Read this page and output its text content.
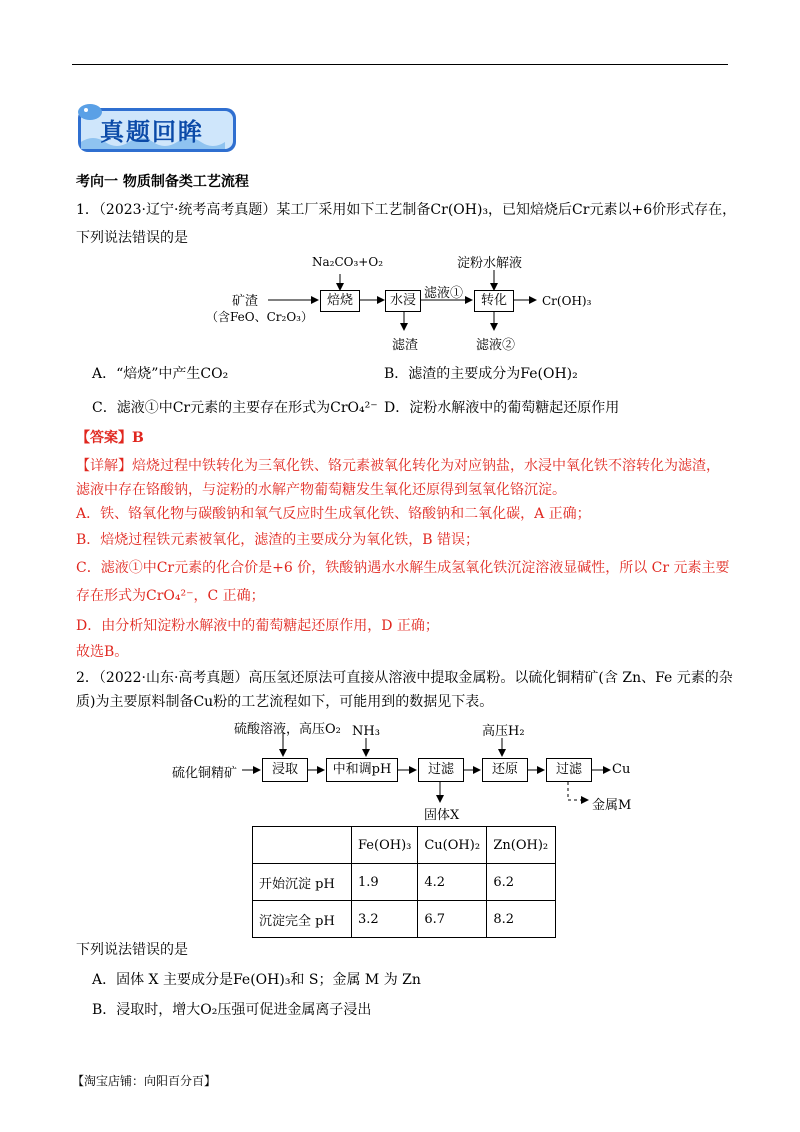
真题回眸
考向一 物质制备类工艺流程
1．（2023·辽宁·统考高考真题）某工厂采用如下工艺制备Cr(OH)₃，已知焙烧后Cr元素以+6价形式存在，
下列说法错误的是
焙烧	水浸	转化
Na₂CO₃+O₂	淀粉水解液
矿渣
（含FeO、Cr₂O₃）
滤液①	Cr(OH)₃
滤渣	滤液②
A．“焙烧”中产生CO₂	B．滤渣的主要成分为Fe(OH)₂
C．滤液①中Cr元素的主要存在形式为CrO₄²⁻ D．淀粉水解液中的葡萄糖起还原作用
【答案】B
【详解】焙烧过程中铁转化为三氧化铁、铬元素被氧化转化为对应钠盐，水浸中氧化铁不溶转化为滤渣，
滤液中存在铬酸钠，与淀粉的水解产物葡萄糖发生氧化还原得到氢氧化铬沉淀。
A．铁、铬氧化物与碳酸钠和氧气反应时生成氧化铁、铬酸钠和二氧化碳，A 正确；
B．焙烧过程铁元素被氧化，滤渣的主要成分为氧化铁，B 错误；
C．滤液①中Cr元素的化合价是+6 价，铁酸钠遇水水解生成氢氧化铁沉淀溶液显碱性，所以 Cr 元素主要
存在形式为CrO₄²⁻，C 正确；
D．由分析知淀粉水解液中的葡萄糖起还原作用，D 正确；
故选B。
2．（2022·山东·高考真题）高压氢还原法可直接从溶液中提取金属粉。以硫化铜精矿(含 Zn、Fe 元素的杂
质)为主要原料制备Cu粉的工艺流程如下，可能用到的数据见下表。
浸取	中和调pH	过滤	还原	过滤
硫酸溶液，高压O₂ NH₃	高压H₂
硫化铜精矿	Cu
固体X
金属M
	Fe(OH)₃	Cu(OH)₂	Zn(OH)₂
开始沉淀 pH	1.9	4.2	6.2
沉淀完全 pH	3.2	6.7	8.2
下列说法错误的是
A．固体 X 主要成分是Fe(OH)₃和 S；金属 M 为 Zn
B．浸取时，增大O₂压强可促进金属离子浸出
【淘宝店铺：向阳百分百】
